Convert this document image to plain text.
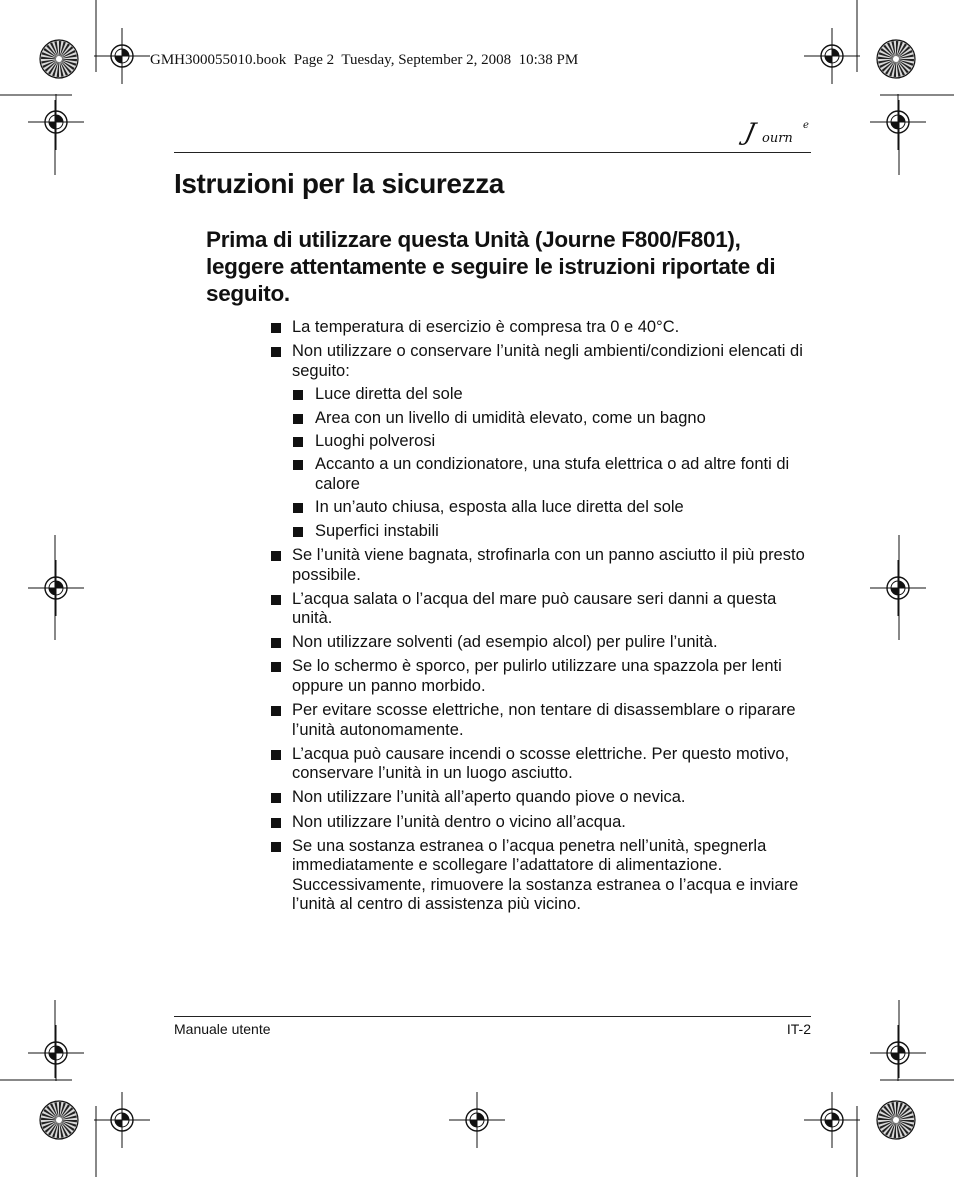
GMH300055010.book  Page 2  Tuesday, September 2, 2008  10:38 PM
J ourn
e
Istruzioni per la sicurezza

Prima di utilizzare questa Unità (Journe F800/F801), leggere attentamente e seguire le istruzioni riportate di seguito.

La temperatura di esercizio è compresa tra 0 e 40°C.
Non utilizzare o conservare l’unità negli ambienti/condizioni elencati di seguito:
Luce diretta del sole
Area con un livello di umidità elevato, come un bagno
Luoghi polverosi
Accanto a un condizionatore, una stufa elettrica o ad altre fonti di calore
In un’auto chiusa, esposta alla luce diretta del sole
Superfici instabili
Se l’unità viene bagnata, strofinarla con un panno asciutto il più presto possibile.
L’acqua salata o l’acqua del mare può causare seri danni a questa unità.
Non utilizzare solventi (ad esempio alcol) per pulire l’unità.
Se lo schermo è sporco, per pulirlo utilizzare una spazzola per lenti oppure un panno morbido.
Per evitare scosse elettriche, non tentare di disassemblare o riparare l’unità autonomamente.
L’acqua può causare incendi o scosse elettriche. Per questo motivo, conservare l’unità in un luogo asciutto.
Non utilizzare l’unità all’aperto quando piove o nevica.
Non utilizzare l’unità dentro o vicino all’acqua.
Se una sostanza estranea o l’acqua penetra nell’unità, spegnerla immediatamente e scollegare l’adattatore di alimentazione. Successivamente, rimuovere la sostanza estranea o l’acqua e inviare l’unità al centro di assistenza più vicino.
Manuale utente	IT-2
